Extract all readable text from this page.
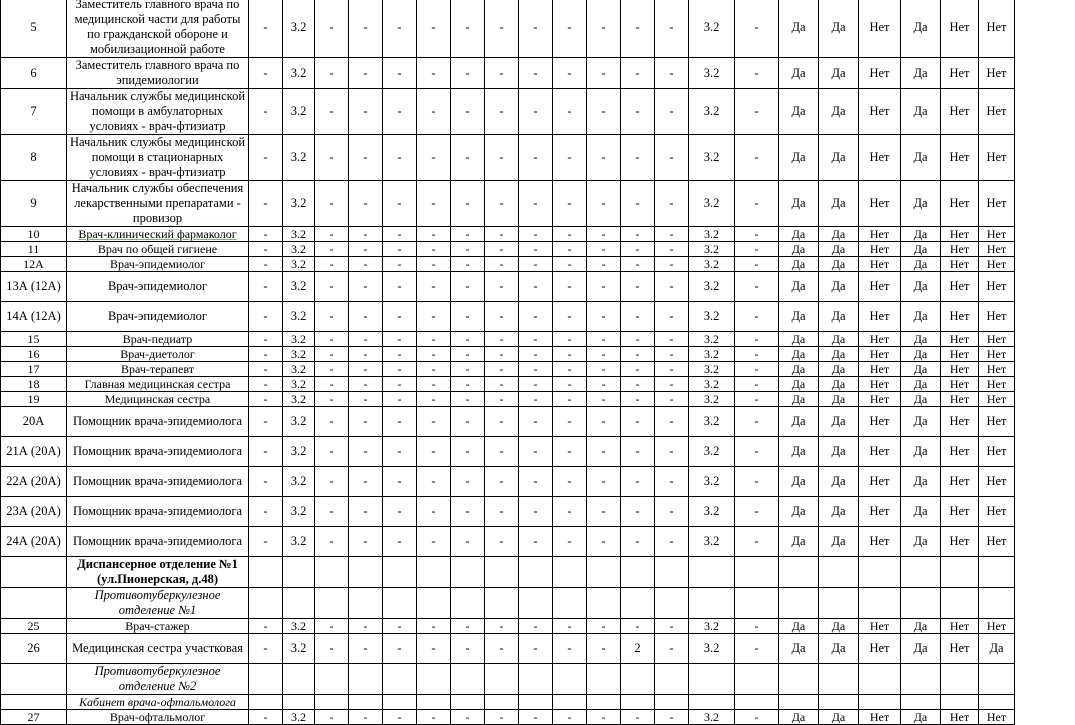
5	Заместитель главного врача по медицинской части для работы по гражданской обороне и мобилизационной работе	-	3.2	-	-	-	-	-	-	-	-	-	-	-	3.2	-	Да	Да	Нет	Да	Нет	Нет
6	Заместитель главного врача по эпидемиологии	-	3.2	-	-	-	-	-	-	-	-	-	-	-	3.2	-	Да	Да	Нет	Да	Нет	Нет
7	Начальник службы медицинской помощи в амбулаторных условиях - врач-фтизиатр	-	3.2	-	-	-	-	-	-	-	-	-	-	-	3.2	-	Да	Да	Нет	Да	Нет	Нет
8	Начальник службы медицинской помощи в стационарных условиях - врач-фтизиатр	-	3.2	-	-	-	-	-	-	-	-	-	-	-	3.2	-	Да	Да	Нет	Да	Нет	Нет
9	Начальник службы обеспечения лекарственными препаратами - провизор	-	3.2	-	-	-	-	-	-	-	-	-	-	-	3.2	-	Да	Да	Нет	Да	Нет	Нет
10	Врач-клинический фармаколог	-	3.2	-	-	-	-	-	-	-	-	-	-	-	3.2	-	Да	Да	Нет	Да	Нет	Нет
11	Врач по общей гигиене	-	3.2	-	-	-	-	-	-	-	-	-	-	-	3.2	-	Да	Да	Нет	Да	Нет	Нет
12А	Врач-эпидемиолог	-	3.2	-	-	-	-	-	-	-	-	-	-	-	3.2	-	Да	Да	Нет	Да	Нет	Нет
13А (12А)	Врач-эпидемиолог	-	3.2	-	-	-	-	-	-	-	-	-	-	-	3.2	-	Да	Да	Нет	Да	Нет	Нет
14А (12А)	Врач-эпидемиолог	-	3.2	-	-	-	-	-	-	-	-	-	-	-	3.2	-	Да	Да	Нет	Да	Нет	Нет
15	Врач-педиатр	-	3.2	-	-	-	-	-	-	-	-	-	-	-	3.2	-	Да	Да	Нет	Да	Нет	Нет
16	Врач-диетолог	-	3.2	-	-	-	-	-	-	-	-	-	-	-	3.2	-	Да	Да	Нет	Да	Нет	Нет
17	Врач-терапевт	-	3.2	-	-	-	-	-	-	-	-	-	-	-	3.2	-	Да	Да	Нет	Да	Нет	Нет
18	Главная медицинская сестра	-	3.2	-	-	-	-	-	-	-	-	-	-	-	3.2	-	Да	Да	Нет	Да	Нет	Нет
19	Медицинская сестра	-	3.2	-	-	-	-	-	-	-	-	-	-	-	3.2	-	Да	Да	Нет	Да	Нет	Нет
20А	Помощник врача-эпидемиолога	-	3.2	-	-	-	-	-	-	-	-	-	-	-	3.2	-	Да	Да	Нет	Да	Нет	Нет
21А (20А)	Помощник врача-эпидемиолога	-	3.2	-	-	-	-	-	-	-	-	-	-	-	3.2	-	Да	Да	Нет	Да	Нет	Нет
22А (20А)	Помощник врача-эпидемиолога	-	3.2	-	-	-	-	-	-	-	-	-	-	-	3.2	-	Да	Да	Нет	Да	Нет	Нет
23А (20А)	Помощник врача-эпидемиолога	-	3.2	-	-	-	-	-	-	-	-	-	-	-	3.2	-	Да	Да	Нет	Да	Нет	Нет
24А (20А)	Помощник врача-эпидемиолога	-	3.2	-	-	-	-	-	-	-	-	-	-	-	3.2	-	Да	Да	Нет	Да	Нет	Нет
	Диспансерное отделение №1 (ул.Пионерская, д.48)																					
	Противотуберкулезное отделение №1																					
25	Врач-стажер	-	3.2	-	-	-	-	-	-	-	-	-	-	-	3.2	-	Да	Да	Нет	Да	Нет	Нет
26	Медицинская сестра участковая	-	3.2	-	-	-	-	-	-	-	-	-	2	-	3.2	-	Да	Да	Нет	Да	Нет	Да
	Противотуберкулезное отделение №2																					
	Кабинет врача-офтальмолога																					
27	Врач-офтальмолог	-	3.2	-	-	-	-	-	-	-	-	-	-	-	3.2	-	Да	Да	Нет	Да	Нет	Нет
